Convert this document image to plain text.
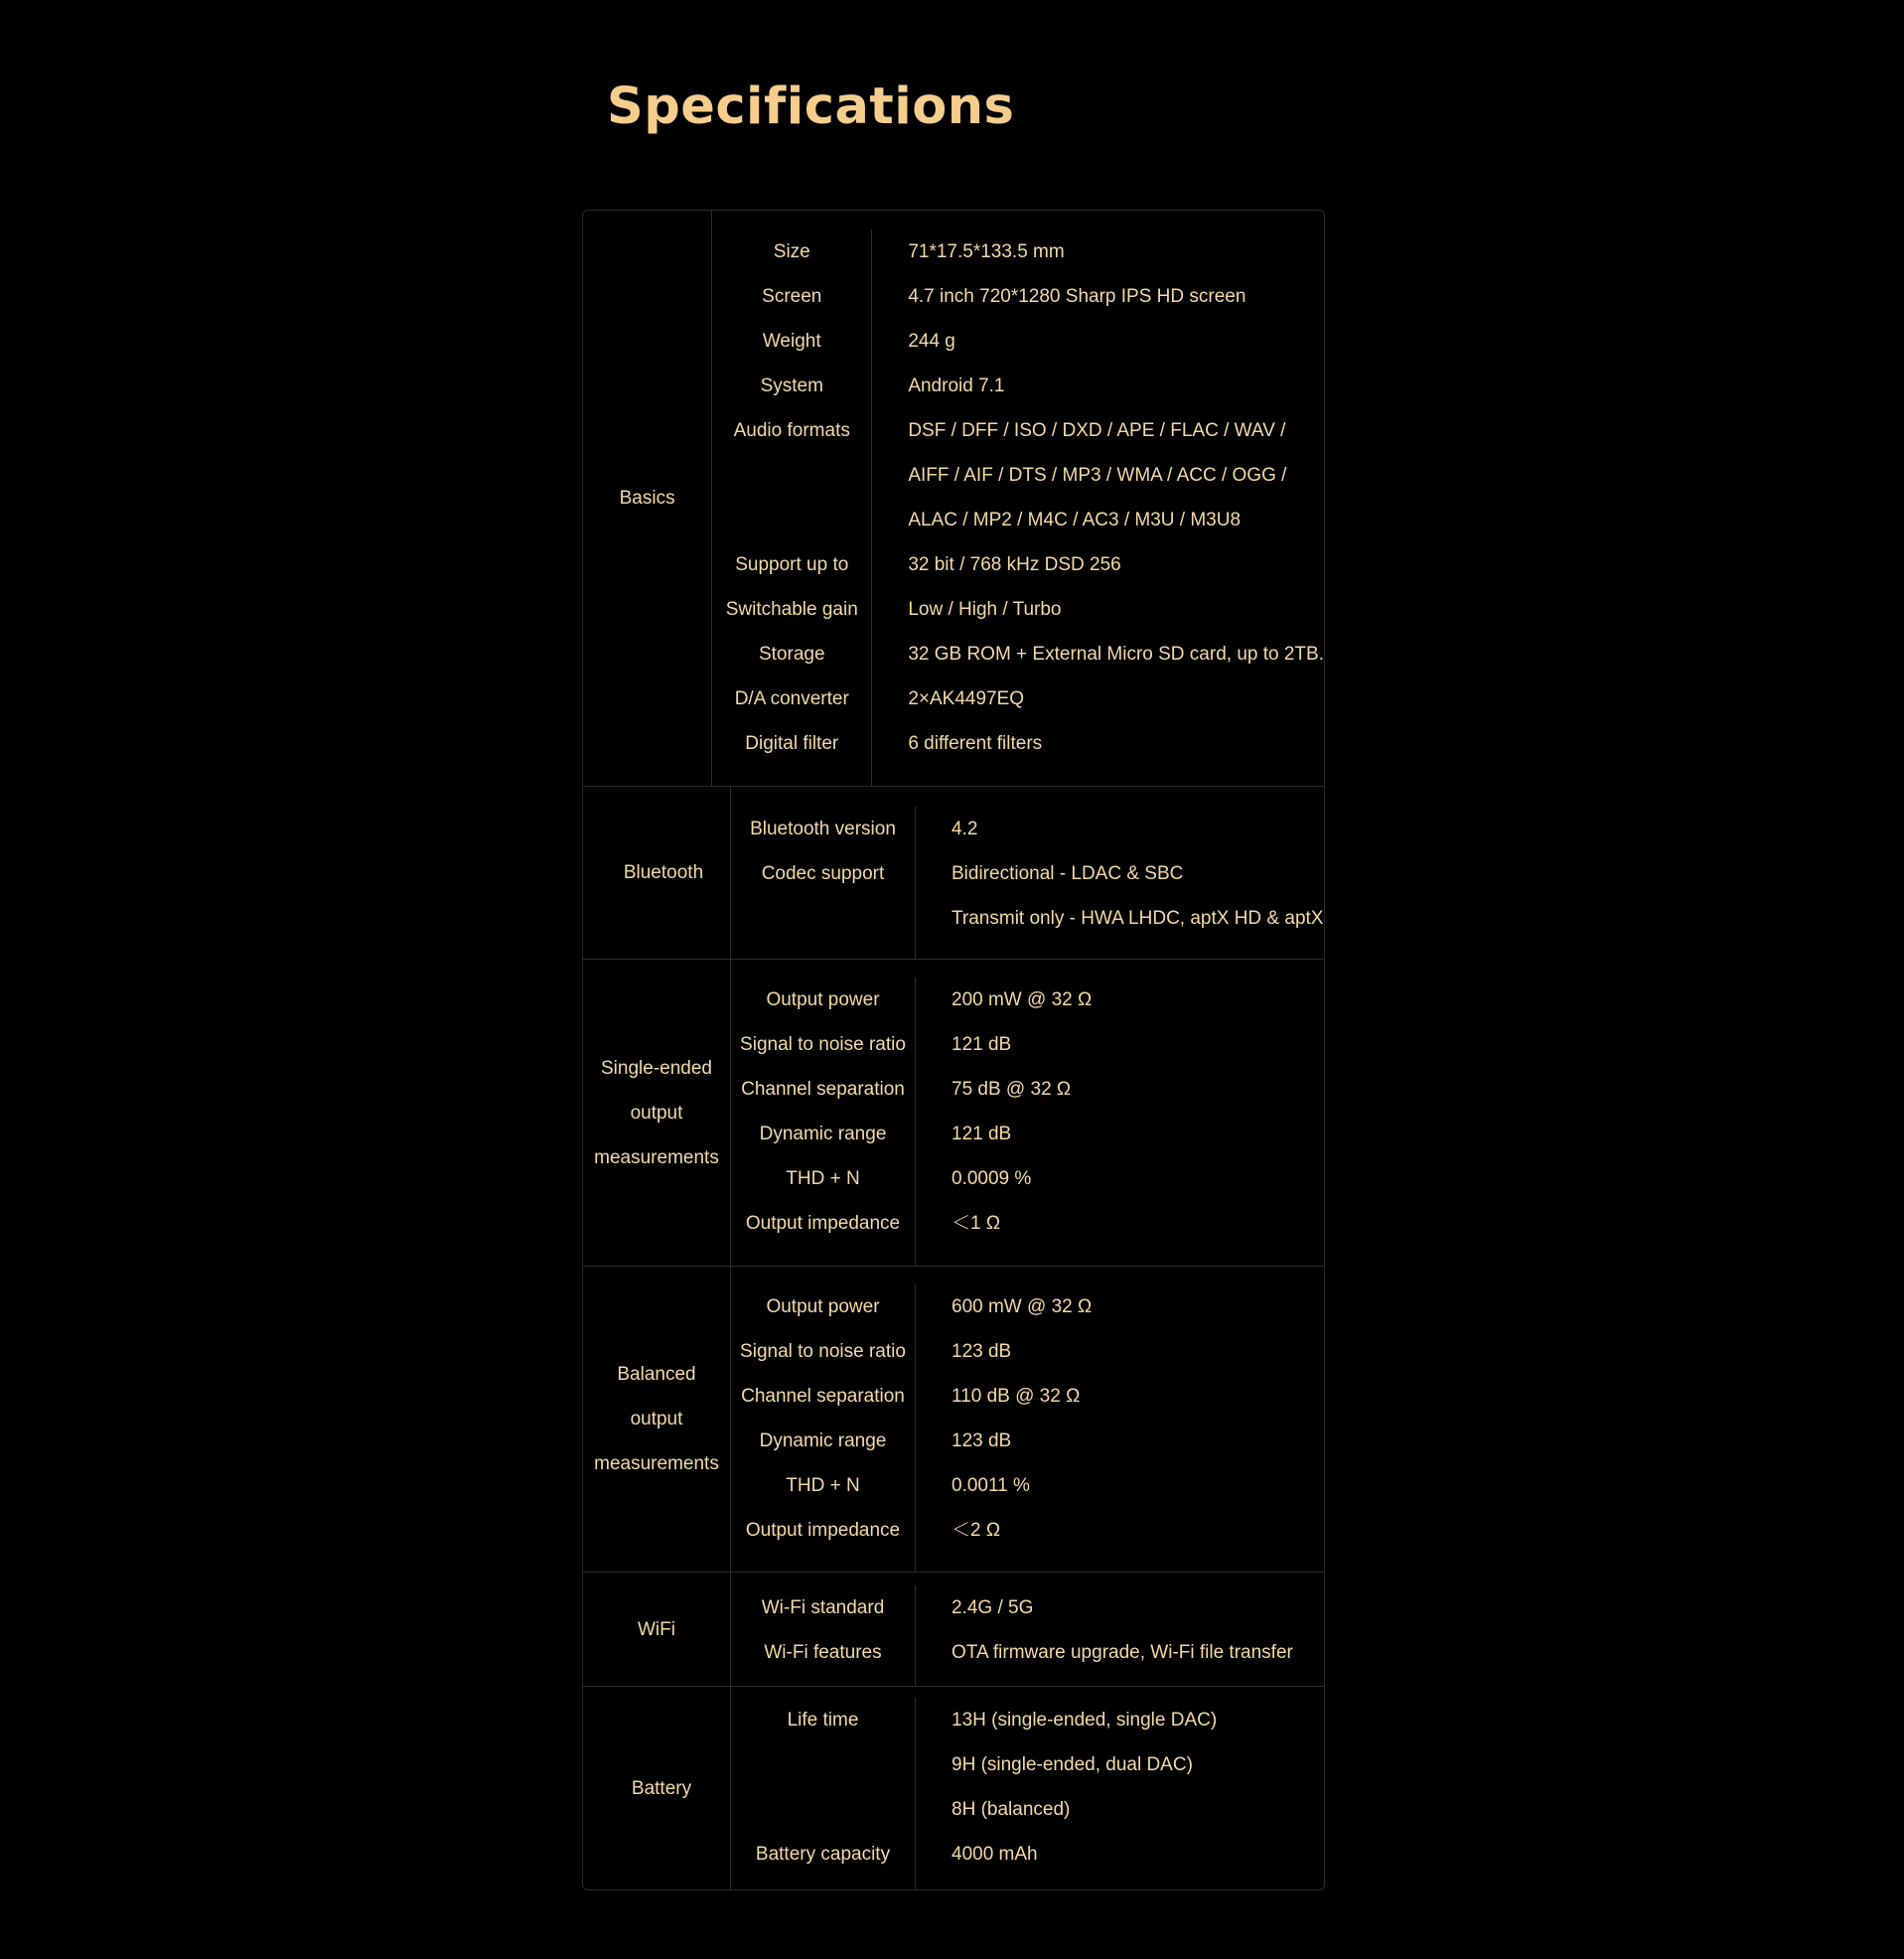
Specifications
Basics
Size
Screen
Weight
System
Audio formats
Support up to
Switchable gain
Storage
D/A converter
Digital filter
71*17.5*133.5 mm
4.7 inch 720*1280 Sharp IPS HD screen
244 g
Android 7.1
DSF / DFF / ISO / DXD / APE / FLAC / WAV /
AIFF / AIF / DTS / MP3 / WMA / ACC / OGG /
ALAC / MP2 / M4C / AC3 / M3U / M3U8
32 bit / 768 kHz DSD 256
Low / High / Turbo
32 GB ROM + External Micro SD card, up to 2TB.
2×AK4497EQ
6 different filters
Bluetooth
Bluetooth version
Codec support
4.2
Bidirectional - LDAC & SBC
Transmit only - HWA LHDC, aptX HD & aptX
Single-ended
output
measurements
Output power
Signal to noise ratio
Channel separation
Dynamic range
THD + N
Output impedance
200 mW @ 32 Ω
121 dB
75 dB @ 32 Ω
121 dB
0.0009 %
＜1 Ω
Balanced
output
measurements
Output power
Signal to noise ratio
Channel separation
Dynamic range
THD + N
Output impedance
600 mW @ 32 Ω
123 dB
110 dB @ 32 Ω
123 dB
0.0011 %
＜2 Ω
WiFi
Wi-Fi standard
Wi-Fi features
2.4G / 5G
OTA firmware upgrade, Wi-Fi file transfer
Battery
Life time
Battery capacity
13H (single-ended, single DAC)
9H (single-ended, dual DAC)
8H (balanced)
4000 mAh
